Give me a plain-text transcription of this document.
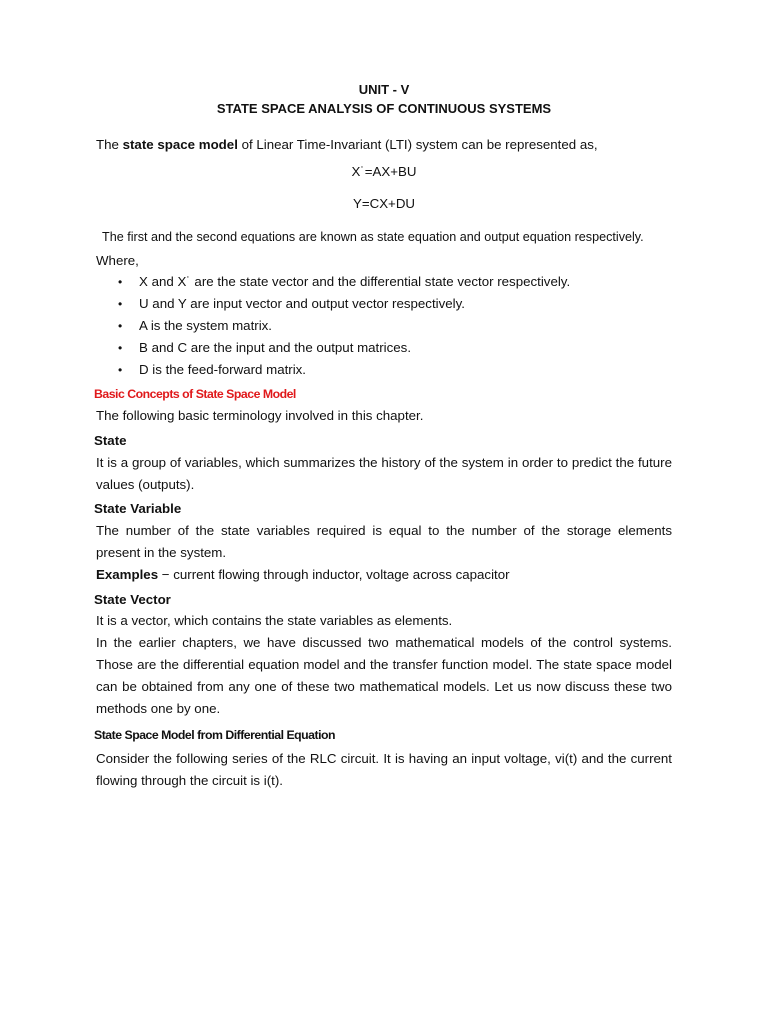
UNIT - V
STATE SPACE ANALYSIS OF CONTINUOUS SYSTEMS
The state space model of Linear Time-Invariant (LTI) system can be represented as,
X˙=AX+BU
Y=CX+DU
The first and the second equations are known as state equation and output equation respectively.
Where,
• X and X˙ are the state vector and the differential state vector respectively.
• U and Y are input vector and output vector respectively.
• A is the system matrix.
• B and C are the input and the output matrices.
• D is the feed-forward matrix.
Basic Concepts of State Space Model
The following basic terminology involved in this chapter.
State
It is a group of variables, which summarizes the history of the system in order to predict the future values (outputs).
State Variable
The number of the state variables required is equal to the number of the storage elements present in the system.
Examples − current flowing through inductor, voltage across capacitor
State Vector
It is a vector, which contains the state variables as elements.
In the earlier chapters, we have discussed two mathematical models of the control systems. Those are the differential equation model and the transfer function model. The state space model can be obtained from any one of these two mathematical models. Let us now discuss these two methods one by one.
State Space Model from Differential Equation
Consider the following series of the RLC circuit. It is having an input voltage, vi(t) and the current flowing through the circuit is i(t).
